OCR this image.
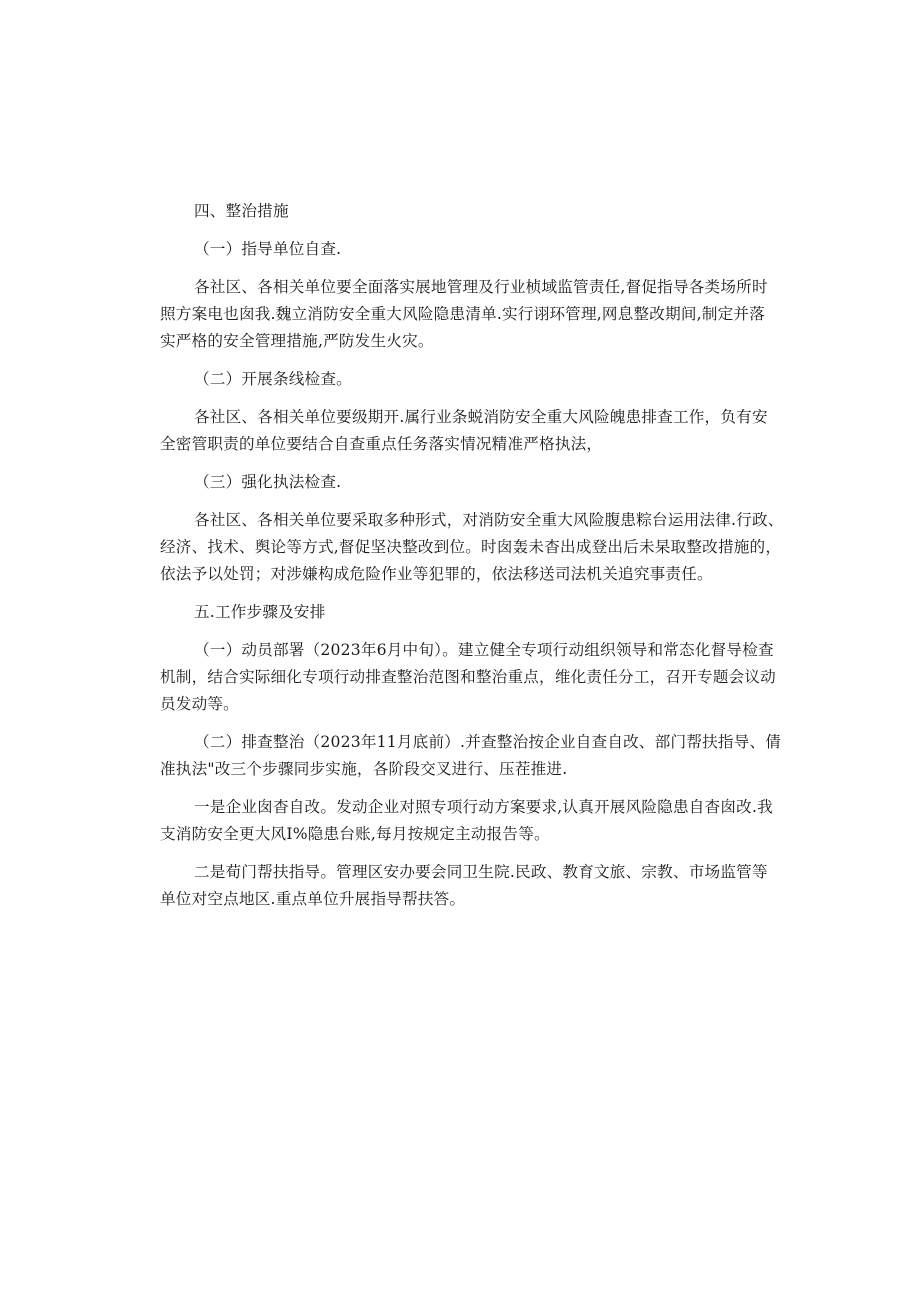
四、整治措施
（一）指导单位自查.
各社区、各相关单位要全面落实展地管理及行业桢域监管责任,督促指导各类场所时
照方案电也囱我.魏立消防安全重大风险隐患清单.实行诩环管理,网息整改期间,制定并落
实严格的安全管理措施,严防发生火灾。
（二）开展条线检查。
各社区、各相关单位要级期开.属行业条蜕消防安全重大风险魄患排查工作，负有安
全密管职责的单位要结合自查重点任务落实情况精准严格执法，
（三）强化执法检查.
各社区、各相关单位要采取多种形式，对消防安全重大风险腹患粽台运用法律.行政、
经济、找术、舆论等方式,督促坚决整改到位。时囱轰未杳出成登出后未杲取整改措施的，
依法予以处罚；对涉嫌构成危险作业等犯罪的，依法移送司法机关追究事责任。
五.工作步骤及安排
（一）动员部署（2023年6月中旬）。建立健全专项行动组织领导和常态化督导检查
机制，结合实际细化专项行动排查整治范图和整治重点，维化责任分工，召开专题会议动
员发动等。
（二）排查整治（2023年11月底前）.并查整治按企业自查自改、部门帮扶指导、倩
准执法"改三个步骤同步实施，各阶段交叉进行、压茬推进.
一是企业囱杳自改。发动企业对照专项行动方案要求,认真开展风险隐患自杳囱改.我
支消防安全更大风I%隐患台账,每月按规定主动报告等。
二是荀门帮扶指导。管理区安办要会同卫生院.民政、教育文旅、宗教、市场监管等
单位对空点地区.重点单位升展指导帮扶答。
